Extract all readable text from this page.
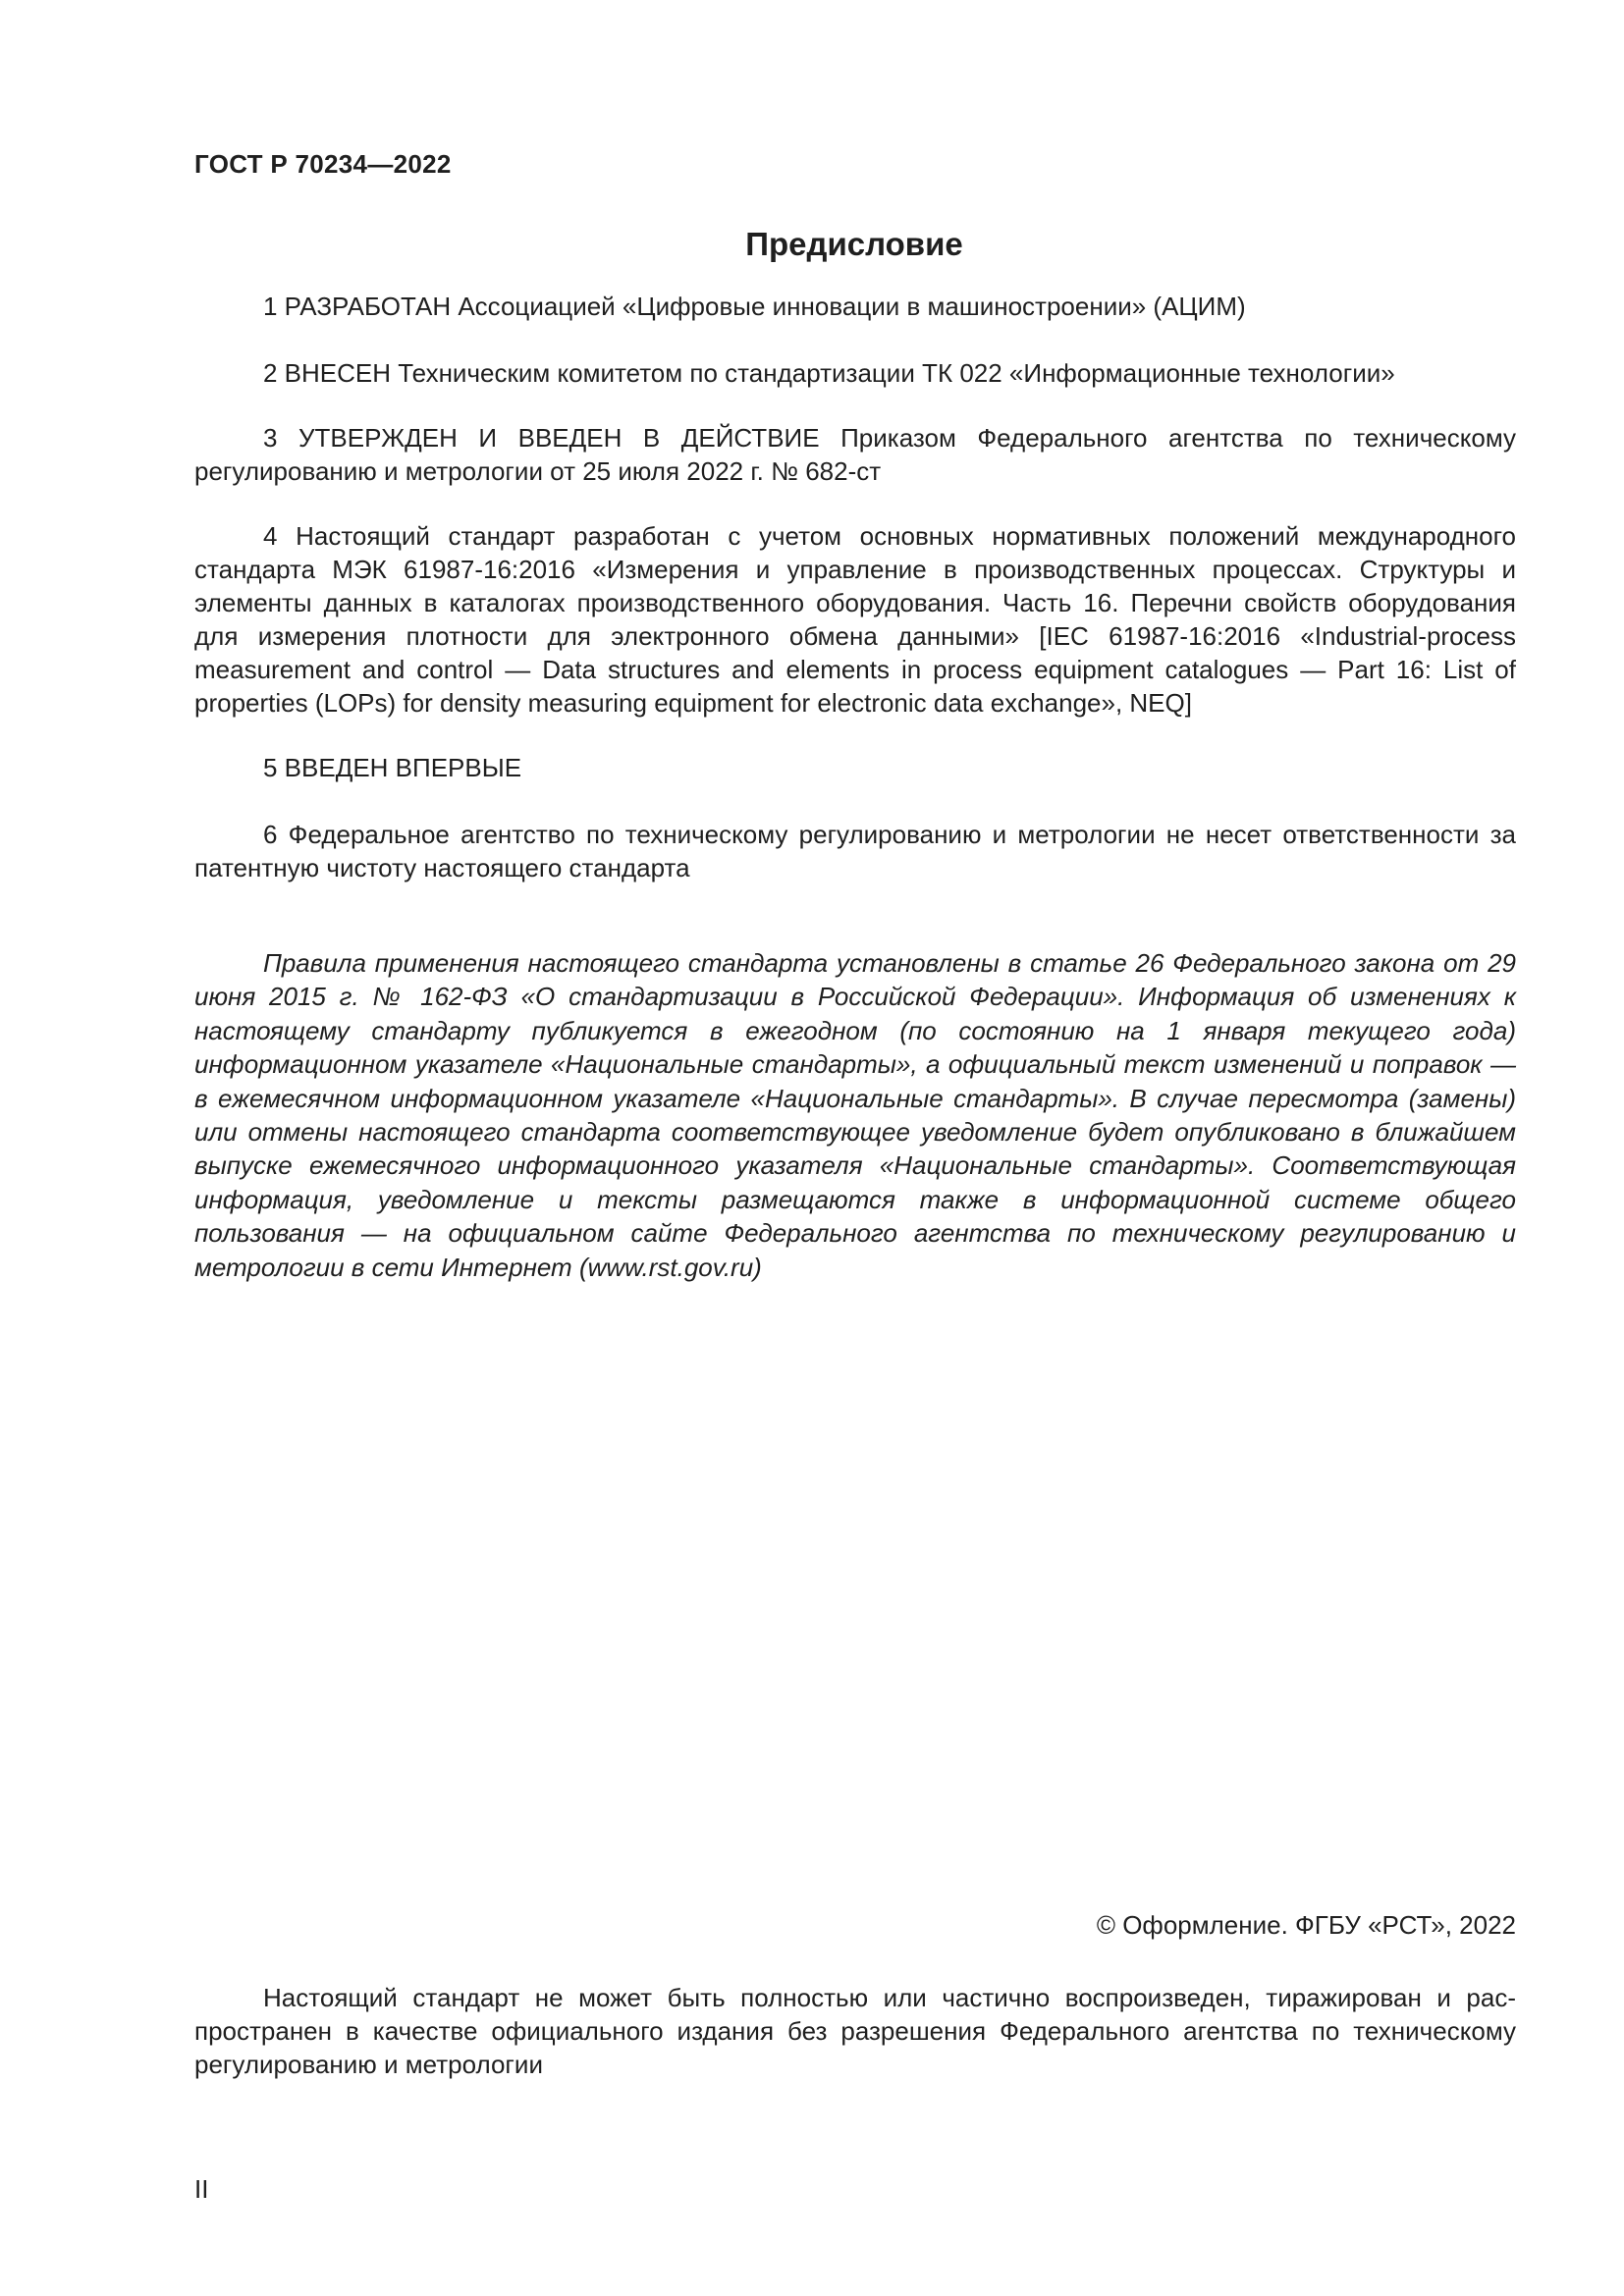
ГОСТ Р 70234—2022
Предисловие

1 РАЗРАБОТАН Ассоциацией «Цифровые инновации в машиностроении» (АЦИМ)

2 ВНЕСЕН Техническим комитетом по стандартизации ТК 022 «Информационные технологии»

3 УТВЕРЖДЕН И ВВЕДЕН В ДЕЙСТВИЕ Приказом Федерального агентства по техническому регулированию и метрологии от 25 июля 2022 г. № 682-ст

4 Настоящий стандарт разработан с учетом основных нормативных положений международного стандарта МЭК 61987-16:2016 «Измерения и управление в производственных процессах. Структуры и элементы данных в каталогах производственного оборудования. Часть 16. Перечни свойств оборудования для измерения плотности для электронного обмена данными» [IEC 61987-16:2016 «Industrial-process measurement and control — Data structures and elements in process equipment catalogues — Part 16: List of properties (LOPs) for density measuring equipment for electronic data exchange», NEQ]

5 ВВЕДЕН ВПЕРВЫЕ

6 Федеральное агентство по техническому регулированию и метрологии не несет ответственности за патентную чистоту настоящего стандарта

Правила применения настоящего стандарта установлены в статье 26 Федерального закона от 29 июня 2015 г. № 162-ФЗ «О стандартизации в Российской Федерации». Информация об изменениях к настоящему стандарту публикуется в ежегодном (по состоянию на 1 января текущего года) информационном указателе «Национальные стандарты», а официальный текст изменений и поправок — в ежемесячном информационном указателе «Национальные стандарты». В случае пересмотра (замены) или отмены настоящего стандарта соответствующее уведомление будет опубликовано в ближайшем выпуске ежемесячного информационного указателя «Национальные стандарты». Соответствующая информация, уведомление и тексты размещаются также в информационной системе общего пользования — на официальном сайте Федерального агентства по техническому регулированию и метрологии в сети Интернет (www.rst.gov.ru)

© Оформление. ФГБУ «РСТ», 2022

Настоящий стандарт не может быть полностью или частично воспроизведен, тиражирован и распространен в качестве официального издания без разрешения Федерального агентства по техническому регулированию и метрологии

II
